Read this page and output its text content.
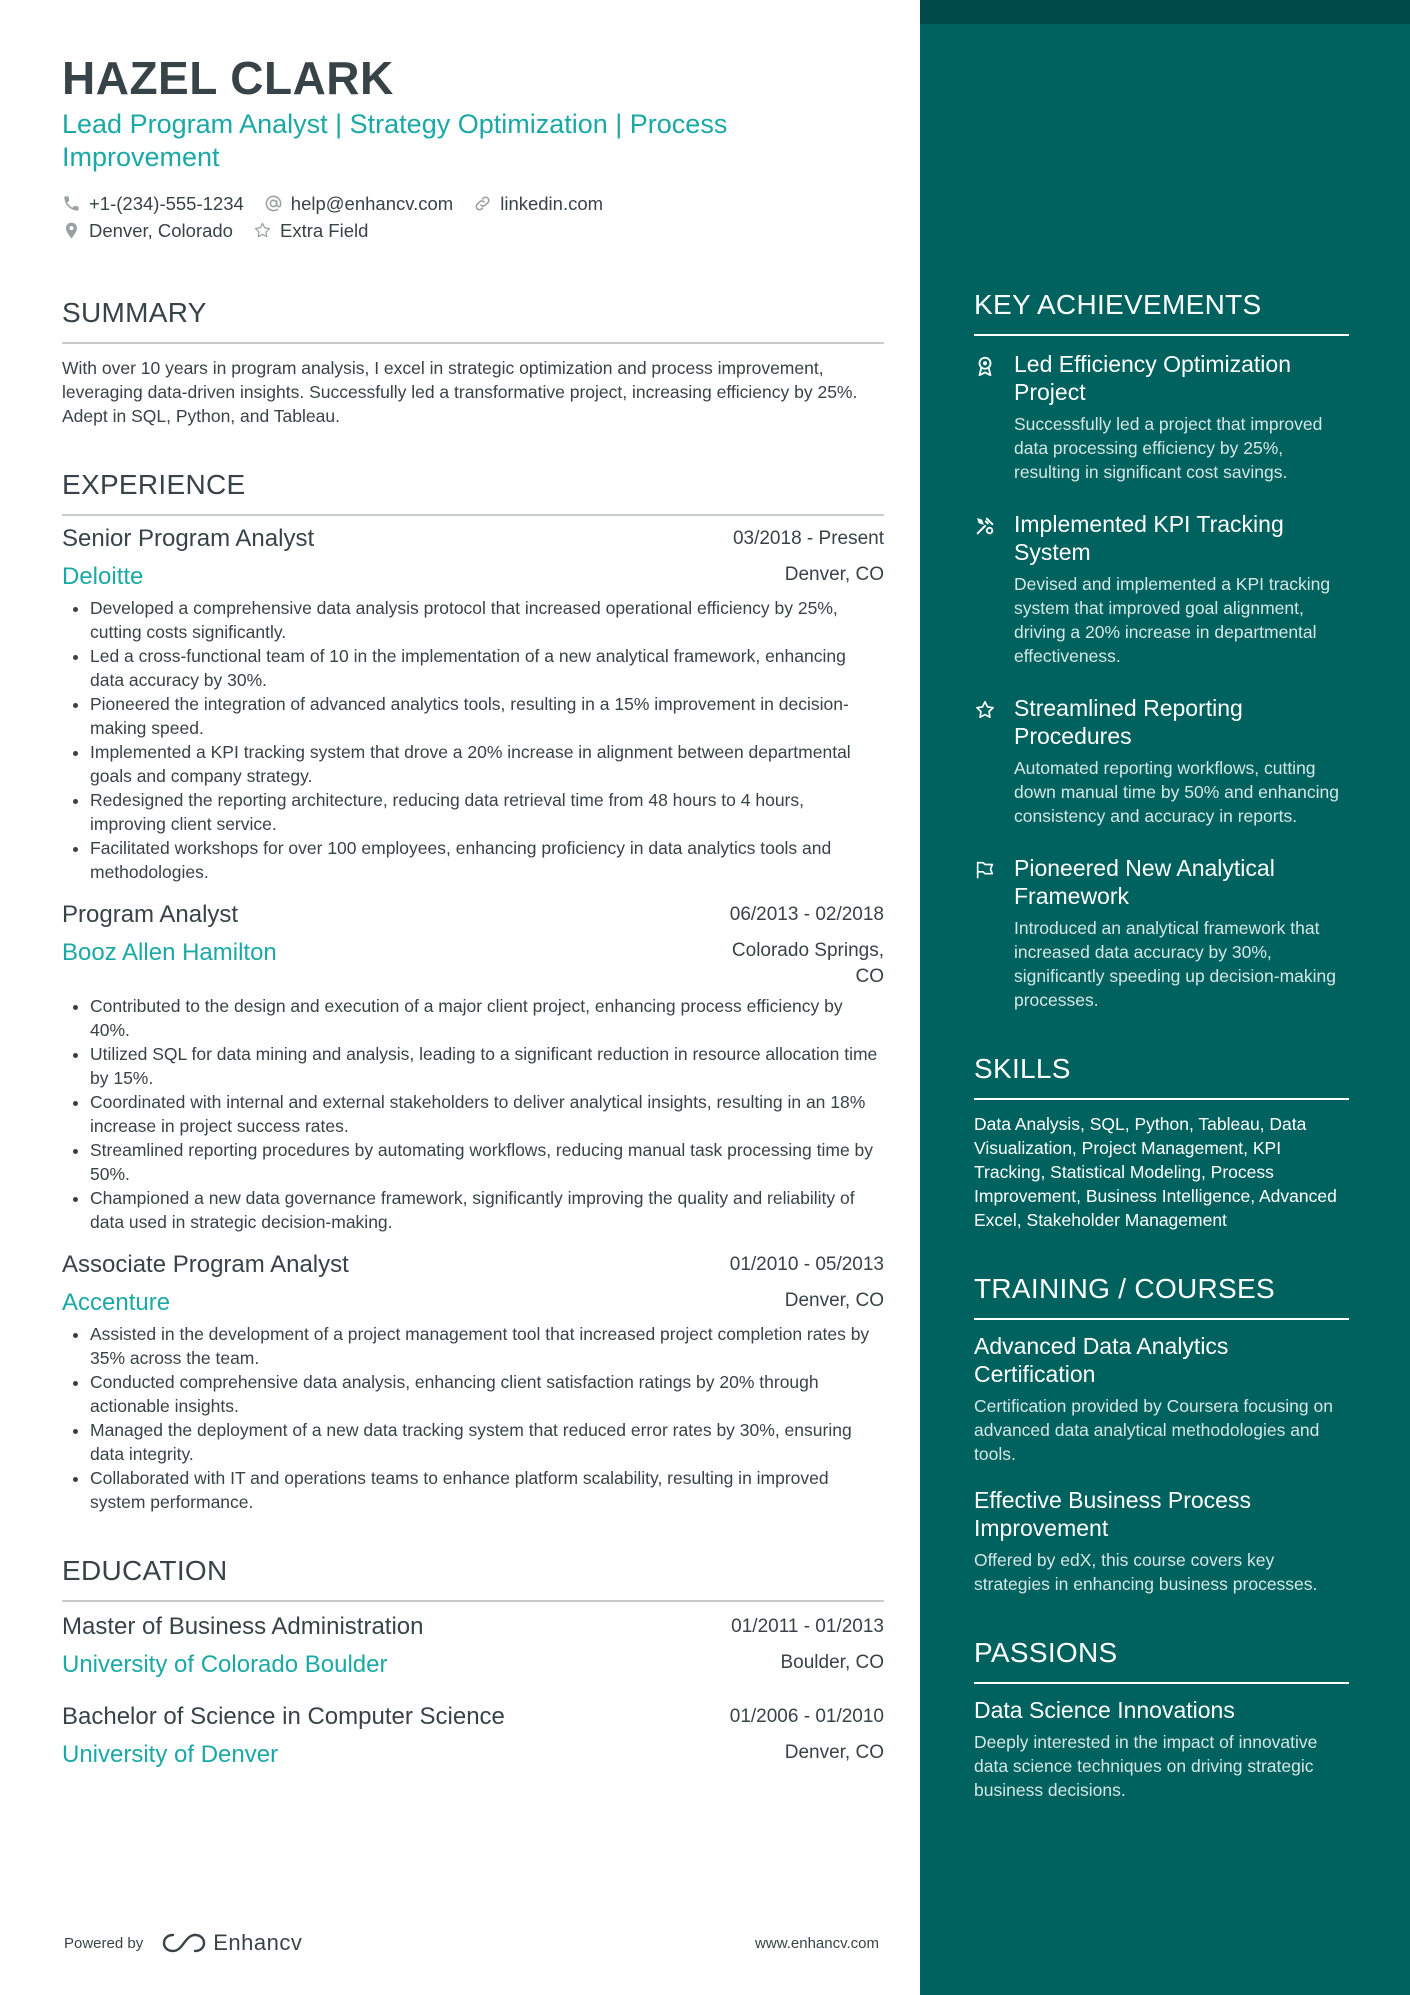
HAZEL CLARK
Lead Program Analyst | Strategy Optimization | Process Improvement
+1-(234)-555-1234	help@enhancv.com	linkedin.com
Denver, Colorado	Extra Field
SUMMARY
With over 10 years in program analysis, I excel in strategic optimization and process improvement, leveraging data-driven insights. Successfully led a transformative project, increasing efficiency by 25%. Adept in SQL, Python, and Tableau.
EXPERIENCE
Senior Program Analyst	03/2018 - Present
Deloitte	Denver, CO
• Developed a comprehensive data analysis protocol that increased operational efficiency by 25%, cutting costs significantly.
• Led a cross-functional team of 10 in the implementation of a new analytical framework, enhancing data accuracy by 30%.
• Pioneered the integration of advanced analytics tools, resulting in a 15% improvement in decision-making speed.
• Implemented a KPI tracking system that drove a 20% increase in alignment between departmental goals and company strategy.
• Redesigned the reporting architecture, reducing data retrieval time from 48 hours to 4 hours, improving client service.
• Facilitated workshops for over 100 employees, enhancing proficiency in data analytics tools and methodologies.
Program Analyst	06/2013 - 02/2018
Booz Allen Hamilton	Colorado Springs, CO
• Contributed to the design and execution of a major client project, enhancing process efficiency by 40%.
• Utilized SQL for data mining and analysis, leading to a significant reduction in resource allocation time by 15%.
• Coordinated with internal and external stakeholders to deliver analytical insights, resulting in an 18% increase in project success rates.
• Streamlined reporting procedures by automating workflows, reducing manual task processing time by 50%.
• Championed a new data governance framework, significantly improving the quality and reliability of data used in strategic decision-making.
Associate Program Analyst	01/2010 - 05/2013
Accenture	Denver, CO
• Assisted in the development of a project management tool that increased project completion rates by 35% across the team.
• Conducted comprehensive data analysis, enhancing client satisfaction ratings by 20% through actionable insights.
• Managed the deployment of a new data tracking system that reduced error rates by 30%, ensuring data integrity.
• Collaborated with IT and operations teams to enhance platform scalability, resulting in improved system performance.
EDUCATION
Master of Business Administration	01/2011 - 01/2013
University of Colorado Boulder	Boulder, CO
Bachelor of Science in Computer Science	01/2006 - 01/2010
University of Denver	Denver, CO
KEY ACHIEVEMENTS
Led Efficiency Optimization Project
Successfully led a project that improved data processing efficiency by 25%, resulting in significant cost savings.
Implemented KPI Tracking System
Devised and implemented a KPI tracking system that improved goal alignment, driving a 20% increase in departmental effectiveness.
Streamlined Reporting Procedures
Automated reporting workflows, cutting down manual time by 50% and enhancing consistency and accuracy in reports.
Pioneered New Analytical Framework
Introduced an analytical framework that increased data accuracy by 30%, significantly speeding up decision-making processes.
SKILLS
Data Analysis, SQL, Python, Tableau, Data Visualization, Project Management, KPI Tracking, Statistical Modeling, Process Improvement, Business Intelligence, Advanced Excel, Stakeholder Management
TRAINING / COURSES
Advanced Data Analytics Certification
Certification provided by Coursera focusing on advanced data analytical methodologies and tools.
Effective Business Process Improvement
Offered by edX, this course covers key strategies in enhancing business processes.
PASSIONS
Data Science Innovations
Deeply interested in the impact of innovative data science techniques on driving strategic business decisions.
Powered by	Enhancv	www.enhancv.com
